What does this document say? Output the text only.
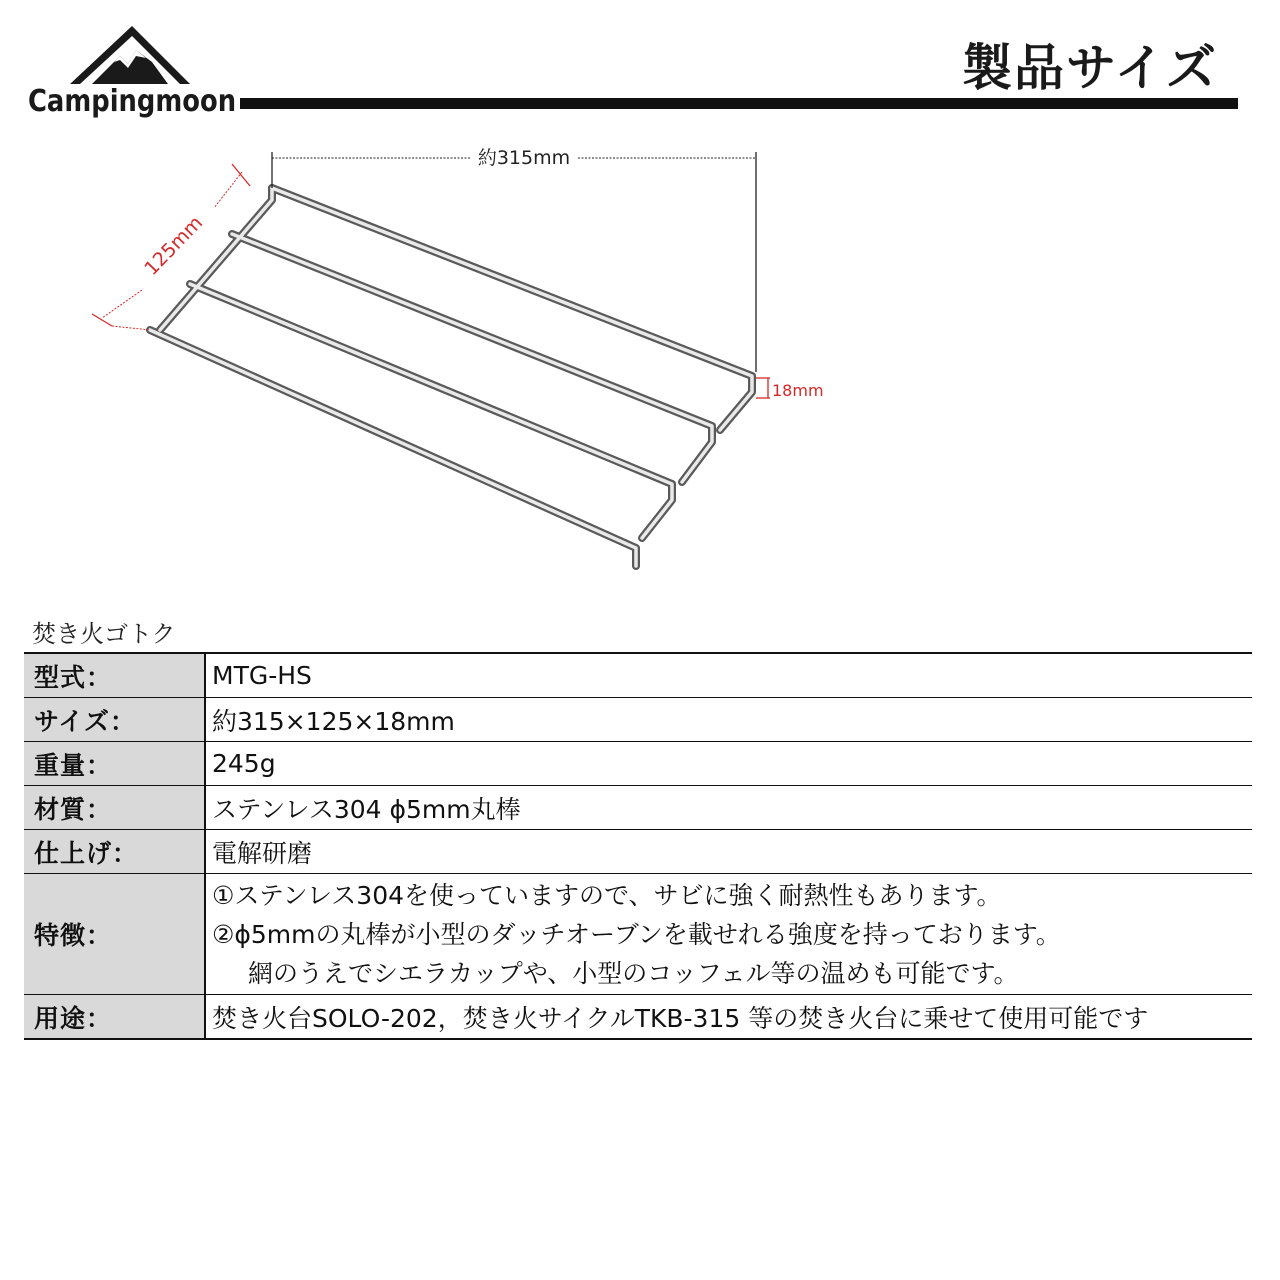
Campingmoon
製品サイズ
約315mm
125mm
18mm
焚き火ゴトク
型式：	MTG-HS
サイズ：	約315×125×18mm
重量：	245g
材質：	ステンレス304 ϕ5mm丸棒
仕上げ：	電解研磨
特徴：	①ステンレス304を使っていますので、サビに強く耐熱性もあります。
②ϕ5mmの丸棒が小型のダッチオーブンを載せれる強度を持っております。
網のうえでシエラカップや、小型のコッフェル等の温めも可能です。

用途：	焚き火台SOLO-202，焚き火サイクルTKB-315 等の焚き火台に乗せて使用可能です
